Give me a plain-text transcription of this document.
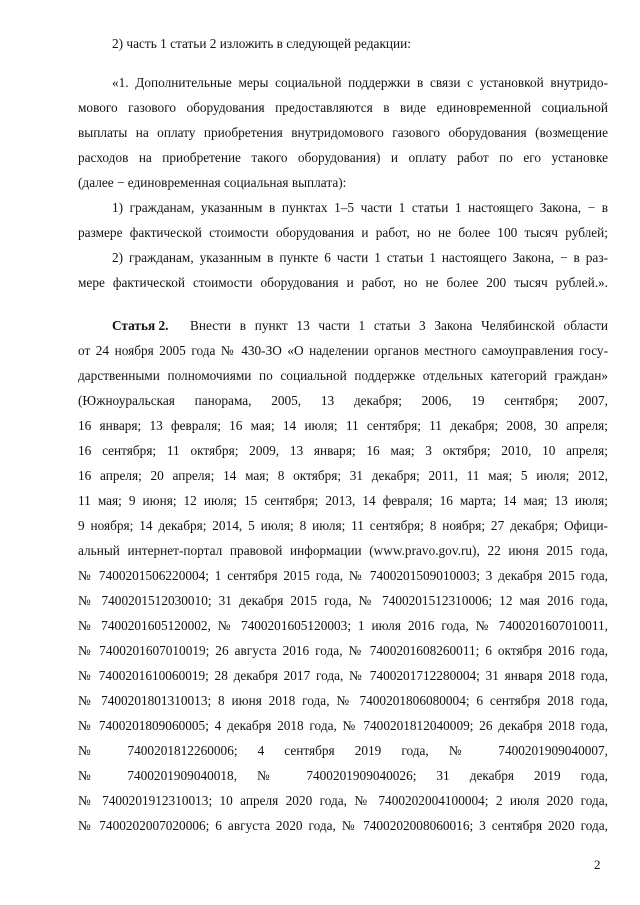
2) часть 1 статьи 2 изложить в следующей редакции:
«1. Дополнительные меры социальной поддержки в связи с установкой внутридо-
мового газового оборудования предоставляются в виде единовременной социальной
выплаты на оплату приобретения внутридомового газового оборудования (возмещение
расходов на приобретение такого оборудования) и оплату работ по его установке
(далее − единовременная социальная выплата):
1) гражданам, указанным в пунктах 1–5 части 1 статьи 1 настоящего Закона, − в
размере фактической стоимости оборудования и работ, но не более 100 тысяч рублей;
2) гражданам, указанным в пункте 6 части 1 статьи 1 настоящего Закона, − в раз-
мере фактической стоимости оборудования и работ, но не более 200 тысяч рублей.».
Статья 2. Внести в пункт 13 части 1 статьи 3 Закона Челябинской области
от 24 ноября 2005 года № 430-ЗО «О наделении органов местного самоуправления госу-
дарственными полномочиями по социальной поддержке отдельных категорий граждан»
(Южноуральская панорама, 2005, 13 декабря; 2006, 19 сентября; 2007,
16 января; 13 февраля; 16 мая; 14 июля; 11 сентября; 11 декабря; 2008, 30 апреля;
16 сентября; 11 октября; 2009, 13 января; 16 мая; 3 октября; 2010, 10 апреля;
16 апреля; 20 апреля; 14 мая; 8 октября; 31 декабря; 2011, 11 мая; 5 июля; 2012,
11 мая; 9 июня; 12 июля; 15 сентября; 2013, 14 февраля; 16 марта; 14 мая; 13 июля;
9 ноября; 14 декабря; 2014, 5 июля; 8 июля; 11 сентября; 8 ноября; 27 декабря; Офици-
альный интернет-портал правовой информации (www.pravo.gov.ru), 22 июня 2015 года,
№ 7400201506220004; 1 сентября 2015 года, № 7400201509010003; 3 декабря 2015 года,
№ 7400201512030010; 31 декабря 2015 года, № 7400201512310006; 12 мая 2016 года,
№ 7400201605120002, № 7400201605120003; 1 июля 2016 года, № 7400201607010011,
№ 7400201607010019; 26 августа 2016 года, № 7400201608260011; 6 октября 2016 года,
№ 7400201610060019; 28 декабря 2017 года, № 7400201712280004; 31 января 2018 года,
№ 7400201801310013; 8 июня 2018 года, № 7400201806080004; 6 сентября 2018 года,
№ 7400201809060005; 4 декабря 2018 года, № 7400201812040009; 26 декабря 2018 года,
№ 7400201812260006; 4 сентября 2019 года, № 7400201909040007,
№ 7400201909040018, № 7400201909040026; 31 декабря 2019 года,
№ 7400201912310013; 10 апреля 2020 года, № 7400202004100004; 2 июля 2020 года,
№ 7400202007020006; 6 августа 2020 года, № 7400202008060016; 3 сентября 2020 года,
2
